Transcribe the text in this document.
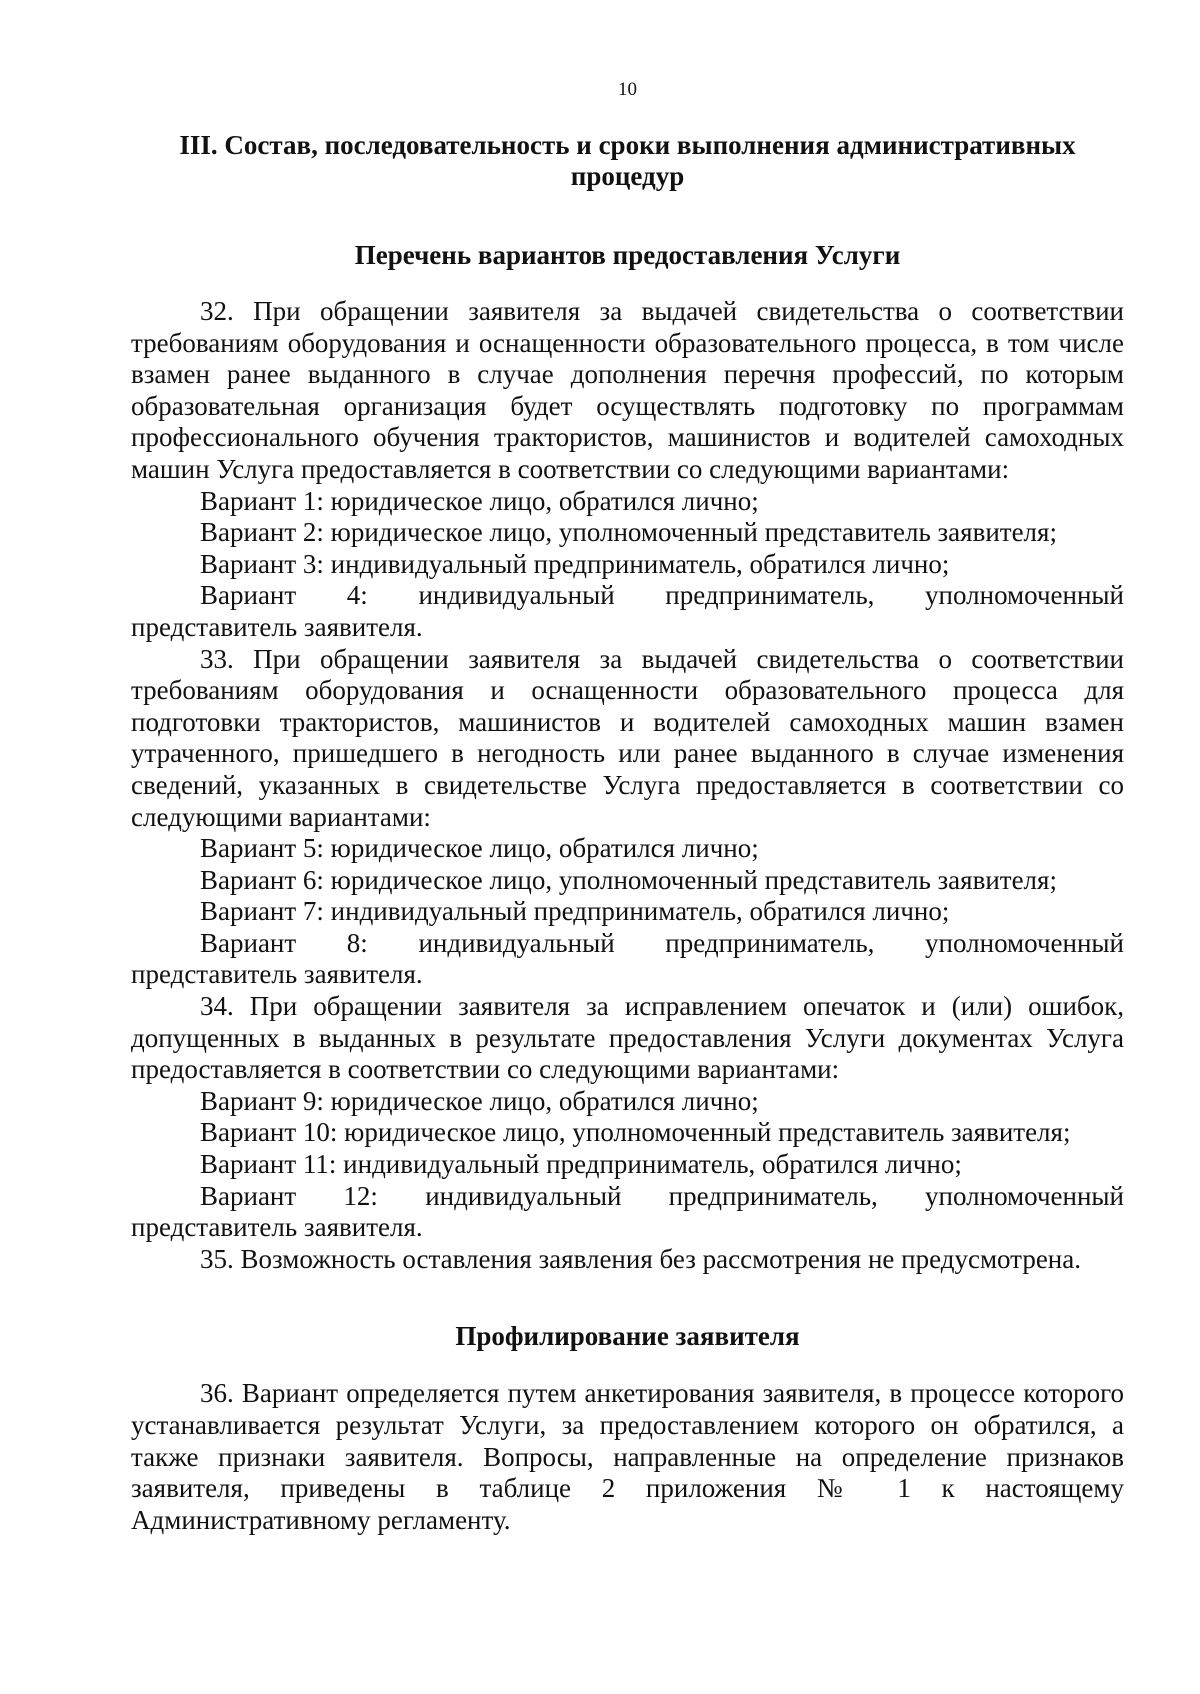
10
III. Состав, последовательность и сроки выполнения административных процедур
Перечень вариантов предоставления Услуги

32. При обращении заявителя за выдачей свидетельства о соответствии требованиям оборудования и оснащенности образовательного процесса, в том числе взамен ранее выданного в случае дополнения перечня профессий, по которым образовательная организация будет осуществлять подготовку по программам профессионального обучения трактористов, машинистов и водителей самоходных машин Услуга предоставляется в соответствии со следующими вариантами:

Вариант 1: юридическое лицо, обратился лично;

Вариант 2: юридическое лицо, уполномоченный представитель заявителя;

Вариант 3: индивидуальный предприниматель, обратился лично;

Вариант 4: индивидуальный предприниматель, уполномоченный
представитель заявителя.

33. При обращении заявителя за выдачей свидетельства о соответствии требованиям оборудования и оснащенности образовательного процесса для подготовки трактористов, машинистов и водителей самоходных машин взамен утраченного, пришедшего в негодность или ранее выданного в случае изменения сведений, указанных в свидетельстве Услуга предоставляется в соответствии со следующими вариантами:

Вариант 5: юридическое лицо, обратился лично;

Вариант 6: юридическое лицо, уполномоченный представитель заявителя;

Вариант 7: индивидуальный предприниматель, обратился лично;

Вариант 8: индивидуальный предприниматель, уполномоченный
представитель заявителя.

34. При обращении заявителя за исправлением опечаток и (или) ошибок, допущенных в выданных в результате предоставления Услуги документах Услуга предоставляется в соответствии со следующими вариантами:

Вариант 9: юридическое лицо, обратился лично;

Вариант 10: юридическое лицо, уполномоченный представитель заявителя;

Вариант 11: индивидуальный предприниматель, обратился лично;

Вариант 12: индивидуальный предприниматель, уполномоченный
представитель заявителя.

35. Возможность оставления заявления без рассмотрения не предусмотрена.

Профилирование заявителя

36. Вариант определяется путем анкетирования заявителя, в процессе которого устанавливается результат Услуги, за предоставлением которого он обратился, а также признаки заявителя. Вопросы, направленные на определение признаков заявителя, приведены в таблице 2 приложения № 1 к настоящему Административному регламенту.
